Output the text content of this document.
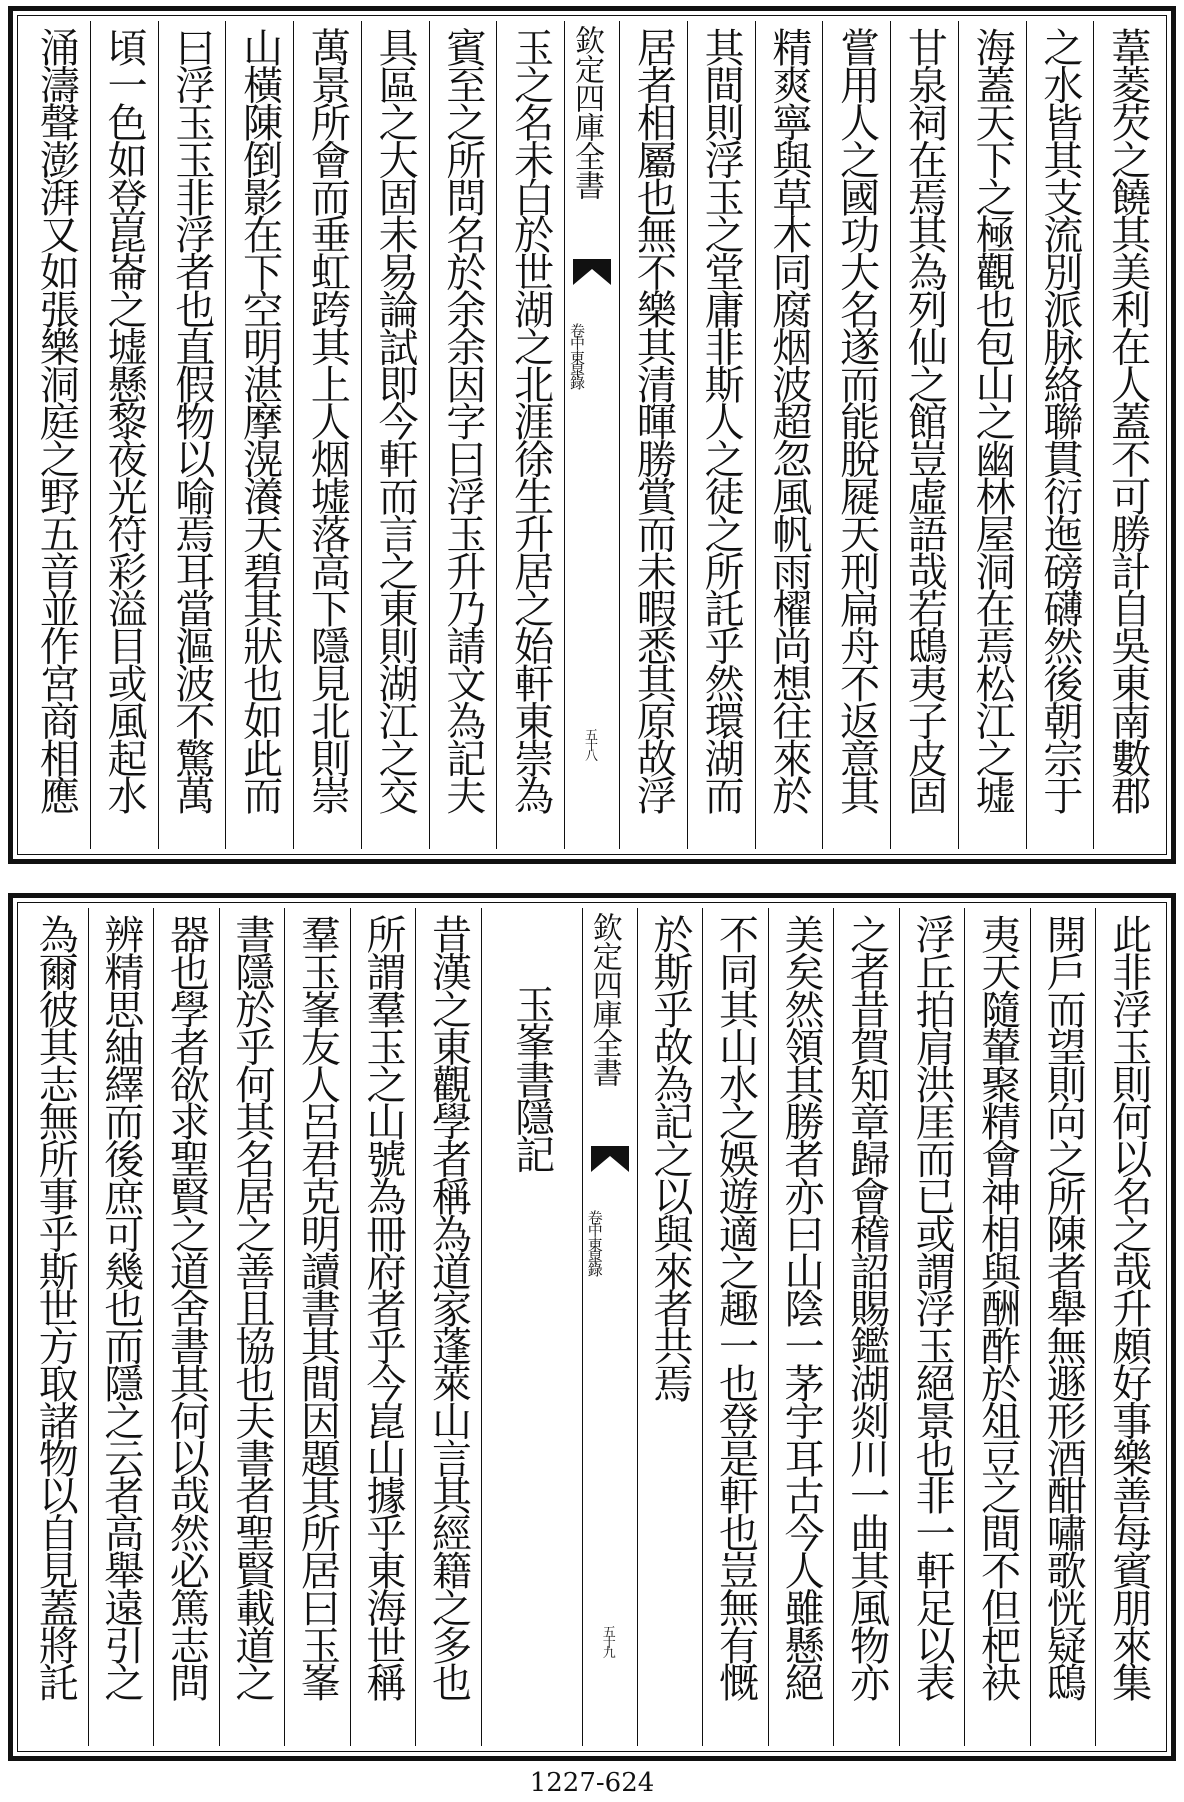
葦菱芡之饒其美利在人蓋不可勝計自吳東南數郡
之水皆其支流別派脉絡聯貫衍迤磅礴然後朝宗于
海蓋天下之極觀也包山之幽林屋洞在焉松江之墟
甘泉祠在焉其為列仙之館豈虛語哉若鴟夷子皮固
嘗用人之國功大名遂而能脫屣天刑扁舟不返意其
精爽寧與草木同腐烟波超忽風帆雨櫂尚想往來於
其間則浮玉之堂庸非斯人之徒之所託乎然環湖而
居者相屬也無不樂其清暉勝賞而未暇悉其原故浮
欽定四庫全書
東皐錄
卷中
五十八
玉之名未白於世湖之北涯徐生升居之始軒東崇為
賓至之所問名於余余因字曰浮玉升乃請文為記夫
具區之大固未易論試即今軒而言之東則湖江之交
萬景所會而垂虹跨其上人烟墟落高下隱見北則崇
山橫陳倒影在下空明湛摩滉瀁天碧其狀也如此而
曰浮玉玉非浮者也直假物以喻焉耳當漚波不驚萬
頃一色如登崑崙之墟懸黎夜光符彩溢目或風起水
涌濤聲澎湃又如張樂洞庭之野五音並作宮商相應
此非浮玉則何以名之哉升頗好事樂善每賓朋來集
開戶而望則向之所陳者舉無遯形酒酣嘯歌恍疑鴟
夷天隨輦聚精會神相與酬酢於俎豆之間不但杷袂
浮丘拍肩洪厓而已或謂浮玉絕景也非一軒足以表
之者昔賀知章歸會稽詔賜鑑湖剡川一曲其風物亦
美矣然領其勝者亦曰山陰一茅宇耳古今人雖懸絕
不同其山水之娛遊適之趣一也登是軒也豈無有慨
於斯乎故為記之以與來者共焉
欽定四庫全書
東皐錄
卷中
五十九
玉峯書隱記
昔漢之東觀學者稱為道家蓬萊山言其經籍之多也
所謂羣玉之山號為冊府者乎今崑山據乎東海世稱
羣玉峯友人呂君克明讀書其間因題其所居曰玉峯
書隱於乎何其名居之善且協也夫書者聖賢載道之
器也學者欲求聖賢之道舍書其何以哉然必篤志問
辨精思紬繹而後庶可幾也而隱之云者高舉遠引之
為爾彼其志無所事乎斯世方取諸物以自見蓋將託
1227-624
